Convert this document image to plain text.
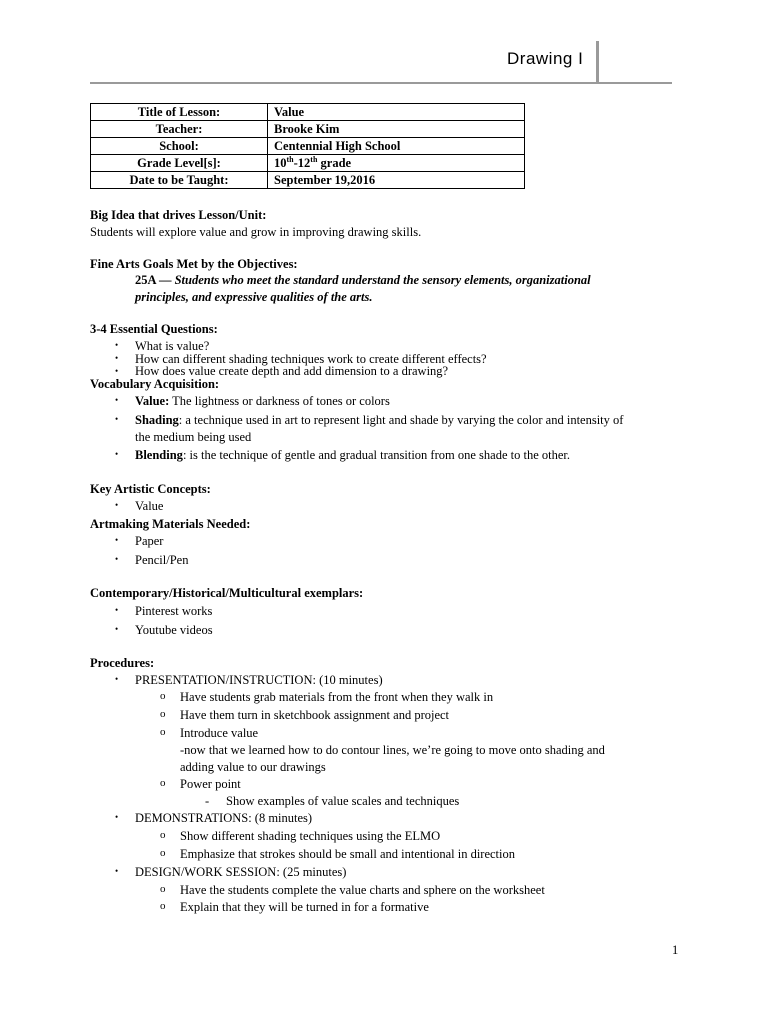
Drawing I
Title of Lesson:	Value
Teacher:	Brooke Kim
School:	Centennial High School
Grade Level[s]:	10th-12th grade
Date to be Taught:	September 19,2016
Big Idea that drives Lesson/Unit:
Students will explore value and grow in improving drawing skills.
Fine Arts Goals Met by the Objectives:
25A — Students who meet the standard understand the sensory elements, organizational
principles, and expressive qualities of the arts.
3-4 Essential Questions:
• What is value?
• How can different shading techniques work to create different effects?
• How does value create depth and add dimension to a drawing?
Vocabulary Acquisition:
• Value: The lightness or darkness of tones or colors
• Shading: a technique used in art to represent light and shade by varying the color and intensity of
the medium being used
• Blending: is the technique of gentle and gradual transition from one shade to the other.
Key Artistic Concepts:
• Value
Artmaking Materials Needed:
• Paper
• Pencil/Pen
Contemporary/Historical/Multicultural exemplars:
• Pinterest works
• Youtube videos
Procedures:
• PRESENTATION/INSTRUCTION: (10 minutes)
o Have students grab materials from the front when they walk in
o Have them turn in sketchbook assignment and project
o Introduce value
-now that we learned how to do contour lines, we’re going to move onto shading and
adding value to our drawings
o Power point
- Show examples of value scales and techniques
• DEMONSTRATIONS: (8 minutes)
o Show different shading techniques using the ELMO
o Emphasize that strokes should be small and intentional in direction
• DESIGN/WORK SESSION: (25 minutes)
o Have the students complete the value charts and sphere on the worksheet
o Explain that they will be turned in for a formative
1
